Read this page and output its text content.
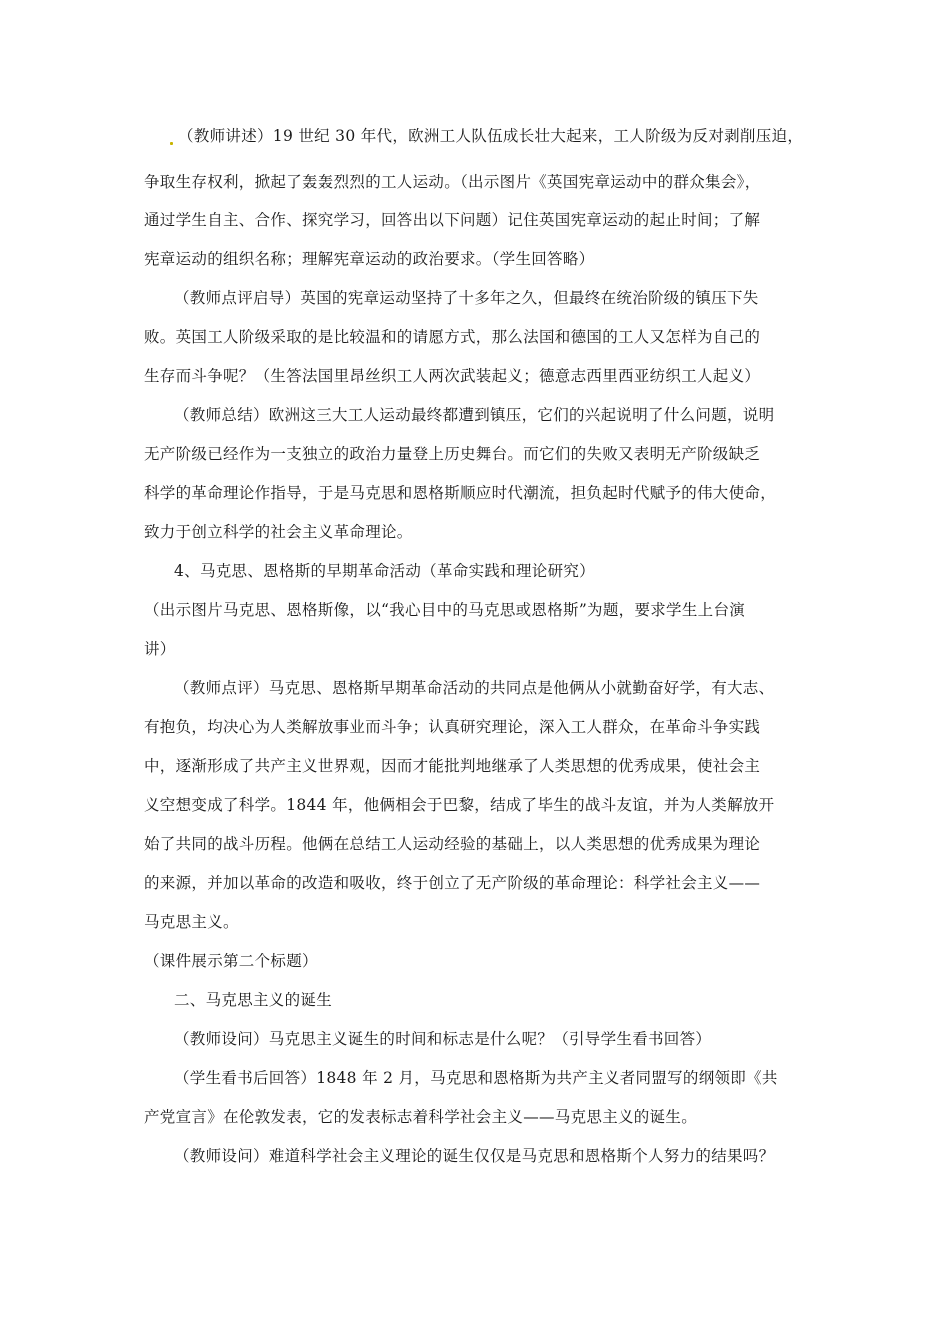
（教师讲述）19 世纪 30 年代，欧洲工人队伍成长壮大起来，工人阶级为反对剥削压迫，
争取生存权利，掀起了轰轰烈烈的工人运动。（出示图片《英国宪章运动中的群众集会》，
通过学生自主、合作、探究学习，回答出以下问题）记住英国宪章运动的起止时间；了解
宪章运动的组织名称；理解宪章运动的政治要求。（学生回答略）
（教师点评启导）英国的宪章运动坚持了十多年之久，但最终在统治阶级的镇压下失
败。英国工人阶级采取的是比较温和的请愿方式，那么法国和德国的工人又怎样为自己的
生存而斗争呢？（生答法国里昂丝织工人两次武装起义；德意志西里西亚纺织工人起义）
（教师总结）欧洲这三大工人运动最终都遭到镇压，它们的兴起说明了什么问题，说明
无产阶级已经作为一支独立的政治力量登上历史舞台。而它们的失败又表明无产阶级缺乏
科学的革命理论作指导，于是马克思和恩格斯顺应时代潮流，担负起时代赋予的伟大使命，
致力于创立科学的社会主义革命理论。
4、马克思、恩格斯的早期革命活动（革命实践和理论研究）
（出示图片马克思、恩格斯像，以“我心目中的马克思或恩格斯”为题，要求学生上台演
讲）
（教师点评）马克思、恩格斯早期革命活动的共同点是他俩从小就勤奋好学，有大志、
有抱负，均决心为人类解放事业而斗争；认真研究理论，深入工人群众，在革命斗争实践
中，逐渐形成了共产主义世界观，因而才能批判地继承了人类思想的优秀成果，使社会主
义空想变成了科学。1844 年，他俩相会于巴黎，结成了毕生的战斗友谊，并为人类解放开
始了共同的战斗历程。他俩在总结工人运动经验的基础上，以人类思想的优秀成果为理论
的来源，并加以革命的改造和吸收，终于创立了无产阶级的革命理论：科学社会主义——
马克思主义。
（课件展示第二个标题）
二、马克思主义的诞生
（教师设问）马克思主义诞生的时间和标志是什么呢？（引导学生看书回答）
（学生看书后回答）1848 年 2 月，马克思和恩格斯为共产主义者同盟写的纲领即《共
产党宣言》在伦敦发表，它的发表标志着科学社会主义——马克思主义的诞生。
（教师设问）难道科学社会主义理论的诞生仅仅是马克思和恩格斯个人努力的结果吗？
